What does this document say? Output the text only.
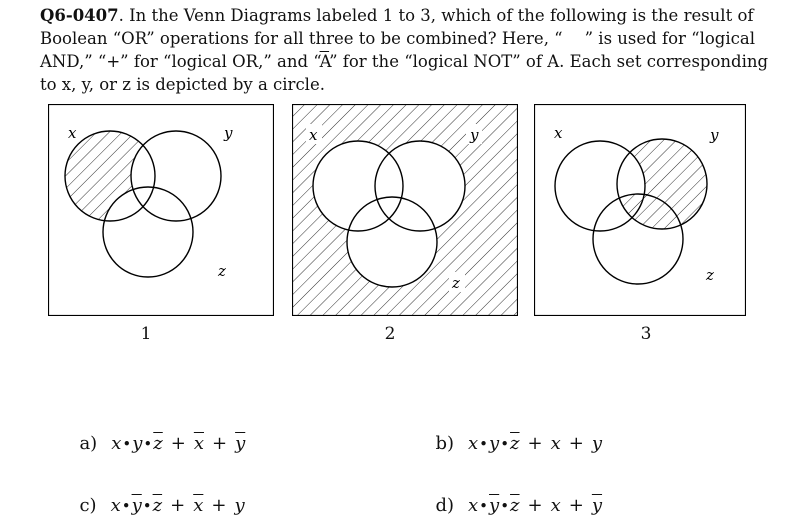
Q6-0407. In the Venn Diagrams labeled 1 to 3, which of the following is the result of Boolean “OR” operations for all three to be combined? Here, “ ” is used for “logical AND,” “+” for “logical OR,” and “$\overline{A}$” for the “logical NOT” of A. Each set corresponding to x, y, or z is depicted by a circle.
x	y
z
1
x	y
z
2
x	y
z
3

a) $x•y•\overline{z} + \overline{x} + \overline{y}$	b) $x•y•\overline{z} + x + y$

c) $x•\overline{y}•\overline{z} + \overline{x} + y$	d) $x•\overline{y}•\overline{z} + x + \overline{y}$
